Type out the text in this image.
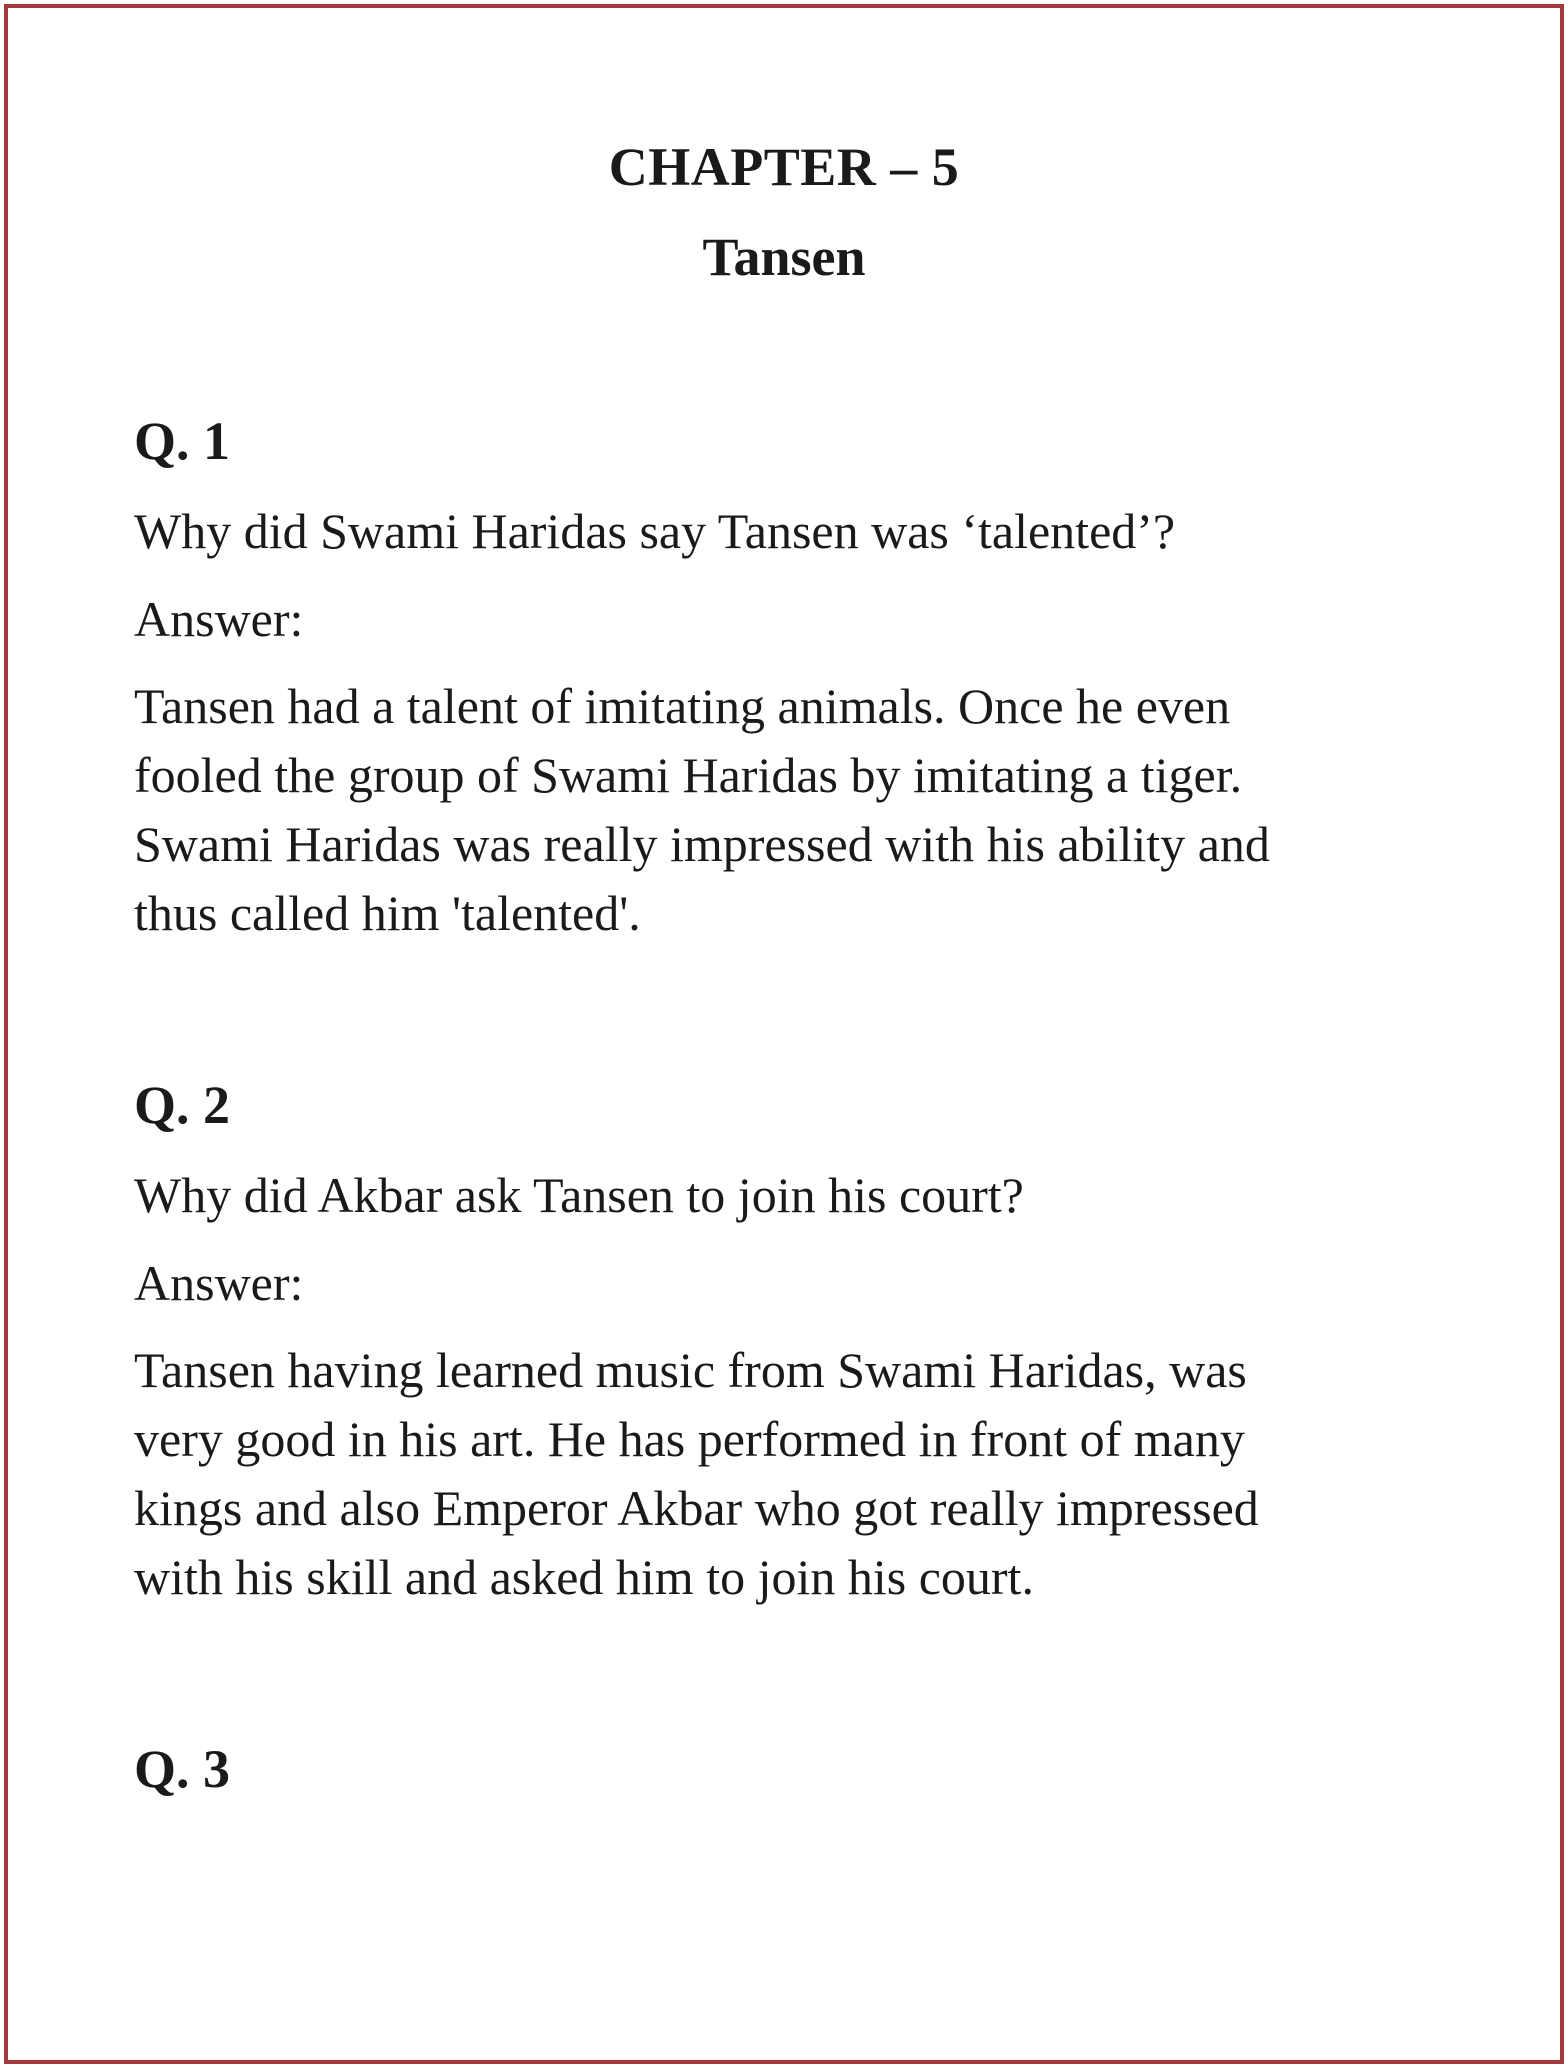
CHAPTER – 5
Tansen

Q. 1

Why did Swami Haridas say Tansen was ‘talented’?

Answer:

Tansen had a talent of imitating animals. Once he even
fooled the group of Swami Haridas by imitating a tiger.
Swami Haridas was really impressed with his ability and
thus called him 'talented'.

Q. 2

Why did Akbar ask Tansen to join his court?

Answer:

Tansen having learned music from Swami Haridas, was
very good in his art. He has performed in front of many
kings and also Emperor Akbar who got really impressed
with his skill and asked him to join his court.

Q. 3
